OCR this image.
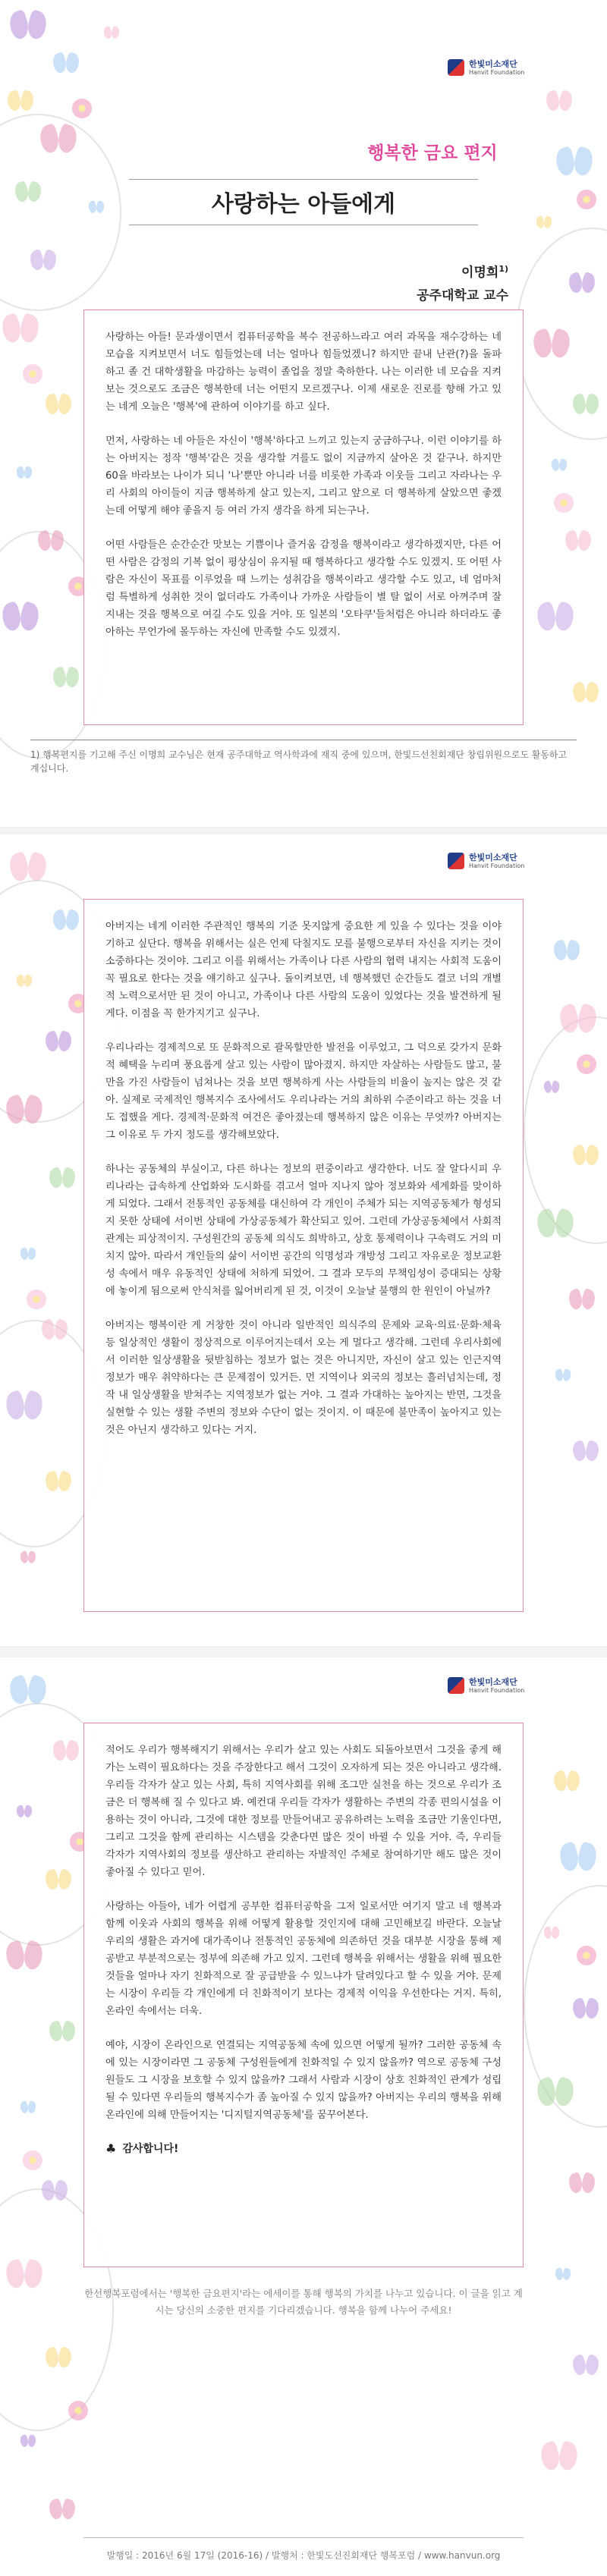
한빛미소재단
Hanvit Foundation
행복한 금요 편지
사랑하는 아들에게
이명희$^{1)}$
공주대학교 교수

사랑하는 아들! 문과생이면서 컴퓨터공학을 복수 전공하느라고 여러 과목을 재수강하는 네 모습을 지켜보면서 너도 힘들었는데 너는 얼마나 힘들었겠니? 하지만 끝내 난관(?)을 돌파하고 졸 건 대학생활을 마감하는 능력이 졸업을 정말 축하한다. 나는 이러한 네 모습을 지켜보는 것으로도 조금은 행복한데 너는 어떤지 모르겠구나. 이제 새로운 진로를 향해 가고 있는 네게 오늘은 '행복'에 관하여 이야기를 하고 싶다.

먼저, 사랑하는 네 아들은 자신이 '행복'하다고 느끼고 있는지 궁금하구나. 이런 이야기를 하는 아버지는 정작 '행복'같은 것을 생각할 겨를도 없이 지금까지 살아온 것 같구나. 하지만 60을 바라보는 나이가 되니 '나'뿐만 아니라 너를 비롯한 가족과 이웃들 그리고 자라나는 우리 사회의 아이들이 지금 행복하게 살고 있는지, 그리고 앞으로 더 행복하게 살았으면 좋겠는데 어떻게 해야 좋을지 등 여러 가지 생각을 하게 되는구나.

어떤 사람들은 순간순간 맛보는 기쁨이나 즐거움 감정을 행복이라고 생각하겠지만, 다른 어떤 사람은 감정의 기복 없이 평상심이 유지될 때 행복하다고 생각할 수도 있겠지. 또 어떤 사람은 자신이 목표를 이루었을 때 느끼는 성취감을 행복이라고 생각할 수도 있고, 네 엄마처럼 특별하게 성취한 것이 없더라도 가족이나 가까운 사람들이 별 탈 없이 서로 아껴주며 잘 지내는 것을 행복으로 여길 수도 있을 거야. 또 일본의 '오타쿠'들처럼은 아니라 하더라도 좋아하는 무언가에 몰두하는 자신에 만족할 수도 있겠지.

1) 행복편지를 기고해 주신 이명희 교수님은 현재 공주대학교 역사학과에 재직 중에 있으며, 한빛드선친회재단 창립위원으로도 활동하고 계십니다.
한빛미소재단
Hanvit Foundation

아버지는 네게 이러한 주관적인 행복의 기준 못지않게 중요한 게 있을 수 있다는 것을 이야기하고 싶단다. 행복을 위해서는 실은 언제 닥칠지도 모를 불행으로부터 자신을 지키는 것이 소중하다는 것이야. 그리고 이를 위해서는 가족이나 다른 사람의 협력 내지는 사회적 도움이 꼭 필요로 한다는 것을 얘기하고 싶구나. 돌이켜보면, 네 행복했던 순간들도 결코 너의 개별적 노력으로서만 된 것이 아니고, 가족이나 다른 사람의 도움이 있었다는 것을 발견하게 될 게다. 이점을 꼭 한가지기고 싶구나.

우리나라는 경제적으로 또 문화적으로 괄목할만한 발전을 이루었고, 그 덕으로 갖가지 문화적 혜택을 누리며 풍요롭게 살고 있는 사람이 많아졌지. 하지만 자살하는 사람들도 많고, 불만을 가진 사람들이 넘쳐나는 것을 보면 행복하게 사는 사람들의 비율이 높지는 않은 것 같아. 실제로 국제적인 행복지수 조사에서도 우리나라는 거의 최하위 수준이라고 하는 것을 너도 접했을 게다. 경제적·문화적 여건은 좋아졌는데 행복하지 않은 이유는 무엇까? 아버지는 그 이유로 두 가지 정도를 생각해보았다.

하나는 공동체의 부실이고, 다른 하나는 정보의 편중이라고 생각한다. 너도 잘 알다시피 우리나라는 급속하게 산업화와 도시화를 겪고서 얼마 지나지 않아 정보화와 세계화를 맞이하게 되었다. 그래서 전통적인 공동체를 대신하여 각 개인이 주체가 되는 지역공동체가 형성되지 못한 상태에 서이번 상태에 가상공동체가 확산되고 있어. 그런데 가상공동체에서 사회적 관계는 피상적이지. 구성원간의 공동체 의식도 희박하고, 상호 통제력이나 구속력도 거의 미치지 않아. 따라서 개인들의 삶이 서이번 공간의 익명성과 개방성 그리고 자유로운 정보교환성 속에서 매우 유동적인 상태에 처하게 되었어. 그 결과 모두의 무책임성이 증대되는 상황에 놓이게 됨으로써 안식처를 잃어버리게 된 것, 이것이 오늘날 불행의 한 원인이 아닐까?

아버지는 행복이란 게 거창한 것이 아니라 일반적인 의식주의 문제와 교육·의료·문화·체육 등 일상적인 생활이 정상적으로 이루어지는데서 오는 게 멀다고 생각해. 그런데 우리사회에서 이러한 일상생활을 뒷받침하는 정보가 없는 것은 아니지만, 자신이 살고 있는 인근지역 정보가 매우 취약하다는 큰 문제점이 있거든. 먼 지역이나 외국의 정보는 흘러넘치는데, 정작 내 일상생활을 받쳐주는 지역정보가 없는 거야. 그 결과 가대하는 높아지는 반면, 그것을 실현할 수 있는 생활 주변의 정보와 수단이 없는 것이지. 이 때문에 불만족이 높아지고 있는 것은 아닌지 생각하고 있다는 거지.

한빛미소재단
Hanvit Foundation

적어도 우리가 행복해지기 위해서는 우리가 살고 있는 사회도 되돌아보면서 그것을 좋게 해가는 노력이 필요하다는 것을 주장한다고 해서 그것이 오자하게 되는 것은 아니라고 생각해. 우리들 각자가 살고 있는 사회, 특히 지역사회를 위해 조그만 실천을 하는 것으로 우리가 조금은 더 행복해 질 수 있다고 봐. 예컨대 우리들 각자가 생활하는 주변의 각종 편의시설을 이용하는 것이 아니라, 그것에 대한 정보를 만들어내고 공유하려는 노력을 조금만 기울인다면, 그리고 그것을 함께 관리하는 시스템을 갖춘다면 많은 것이 바뀔 수 있을 거야. 즉, 우리들 각자가 지역사회의 정보를 생산하고 관리하는 자발적인 주체로 참여하기만 해도 많은 것이 좋아질 수 있다고 믿어.

사랑하는 아들아, 네가 어렵게 공부한 컴퓨터공학을 그저 일로서만 여기지 말고 네 행복과 함께 이웃과 사회의 행복을 위해 어떻게 활용할 것인지에 대해 고민해보길 바란다. 오늘날 우리의 생활은 과거에 대가족이나 전통적인 공동체에 의존하던 것을 대부분 시장을 통해 제공받고 부분적으로는 정부에 의존해 가고 있지. 그런데 행복을 위해서는 생활을 위해 필요한 것들을 얼마나 자기 친화적으로 잘 공급받을 수 있느냐가 달려있다고 할 수 있을 거야. 문제는 시장이 우리들 각 개인에게 더 친화적이기 보다는 경제적 이익을 우선한다는 거지. 특히, 온라인 속에서는 더욱.

예야, 시장이 온라인으로 연결되는 지역공동체 속에 있으면 어떻게 될까? 그러한 공동체 속에 있는 시장이라면 그 공동체 구성원들에게 친화적일 수 있지 않을까? 역으로 공동체 구성원들도 그 시장을 보호할 수 있지 않을까? 그래서 사람과 시장이 상호 친화적인 관계가 성립될 수 있다면 우리들의 행복지수가 좀 높아질 수 있지 않을까? 아버지는 우리의 행복을 위해 온라인에 의해 만들어지는 '디지털지역공동체'를 꿈꾸어본다.

♣ 감사합니다!
한선행복포럼에서는 '행복한 금요편지'라는 에세이를 통해 행복의 가치를 나누고 있습니다. 이 글을 읽고 계시는 당신의 소중한 편지를 기다리겠습니다. 행복을 함께 나누어 주세요!
발행일 : 2016년 6월 17일 (2016-16) / 발행처 : 한빛도선진회재단 행복포럼 / www.hanvun.org
